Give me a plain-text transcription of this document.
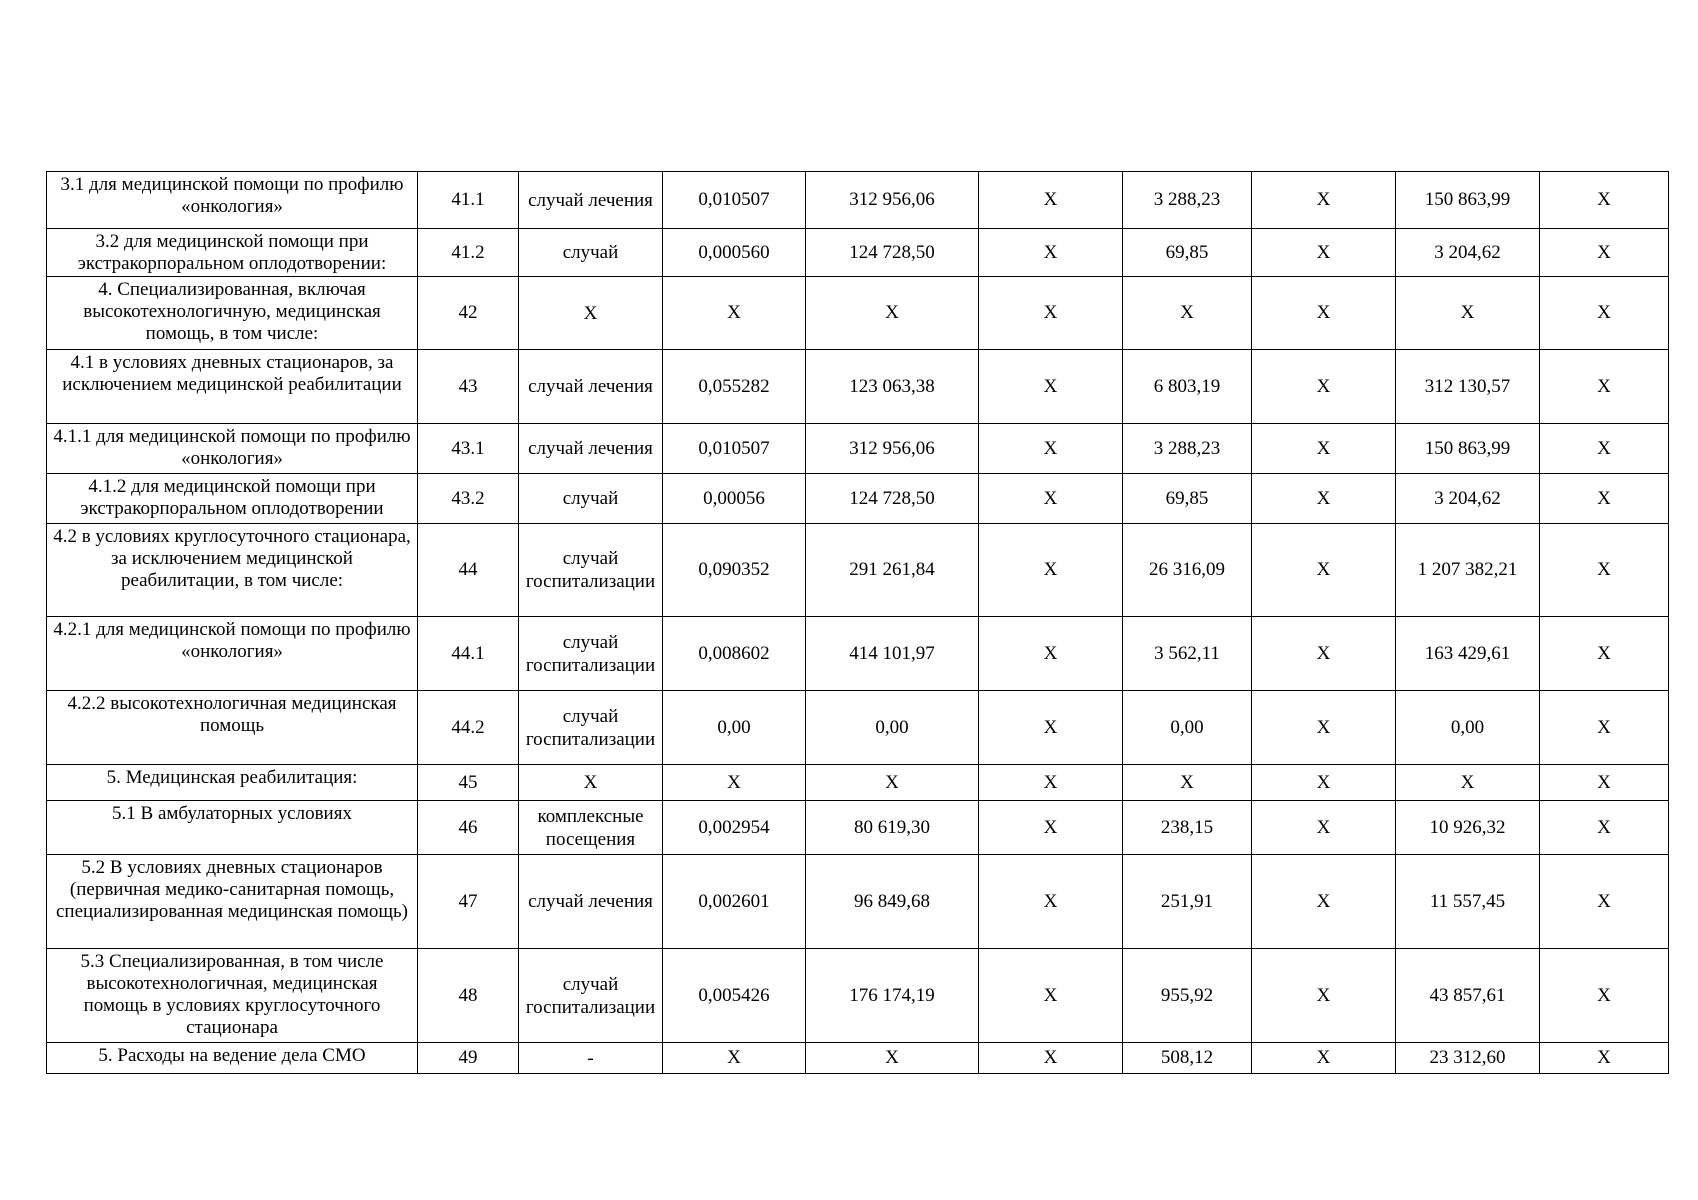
3.1 для медицинской помощи по профилю «онкология»	41.1	случай лечения	0,010507	312 956,06	X	3 288,23	X	150 863,99	X
3.2 для медицинской помощи при экстракорпоральном оплодотворении:	41.2	случай	0,000560	124 728,50	X	69,85	X	3 204,62	X
4. Специализированная, включая высокотехнологичную, медицинская помощь, в том числе:	42	X	X	X	X	X	X	X	X
4.1 в условиях дневных стационаров, за исключением медицинской реабилитации	43	случай лечения	0,055282	123 063,38	X	6 803,19	X	312 130,57	X
4.1.1 для медицинской помощи по профилю «онкология»	43.1	случай лечения	0,010507	312 956,06	X	3 288,23	X	150 863,99	X
4.1.2 для медицинской помощи при экстракорпоральном оплодотворении	43.2	случай	0,00056	124 728,50	X	69,85	X	3 204,62	X
4.2 в условиях круглосуточного стационара, за исключением медицинской реабилитации, в том числе:	44	случай госпитализации	0,090352	291 261,84	X	26 316,09	X	1 207 382,21	X
4.2.1 для медицинской помощи по профилю «онкология»	44.1	случай госпитализации	0,008602	414 101,97	X	3 562,11	X	163 429,61	X
4.2.2 высокотехнологичная медицинская помощь	44.2	случай госпитализации	0,00	0,00	X	0,00	X	0,00	X
5. Медицинская реабилитация:	45	X	X	X	X	X	X	X	X
5.1 В амбулаторных условиях	46	комплексные посещения	0,002954	80 619,30	X	238,15	X	10 926,32	X
5.2 В условиях дневных стационаров (первичная медико-санитарная помощь, специализированная медицинская помощь)	47	случай лечения	0,002601	96 849,68	X	251,91	X	11 557,45	X
5.3 Специализированная, в том числе высокотехнологичная, медицинская помощь в условиях круглосуточного стационара	48	случай госпитализации	0,005426	176 174,19	X	955,92	X	43 857,61	X
5. Расходы на ведение дела СМО	49	-	X	X	X	508,12	X	23 312,60	X
